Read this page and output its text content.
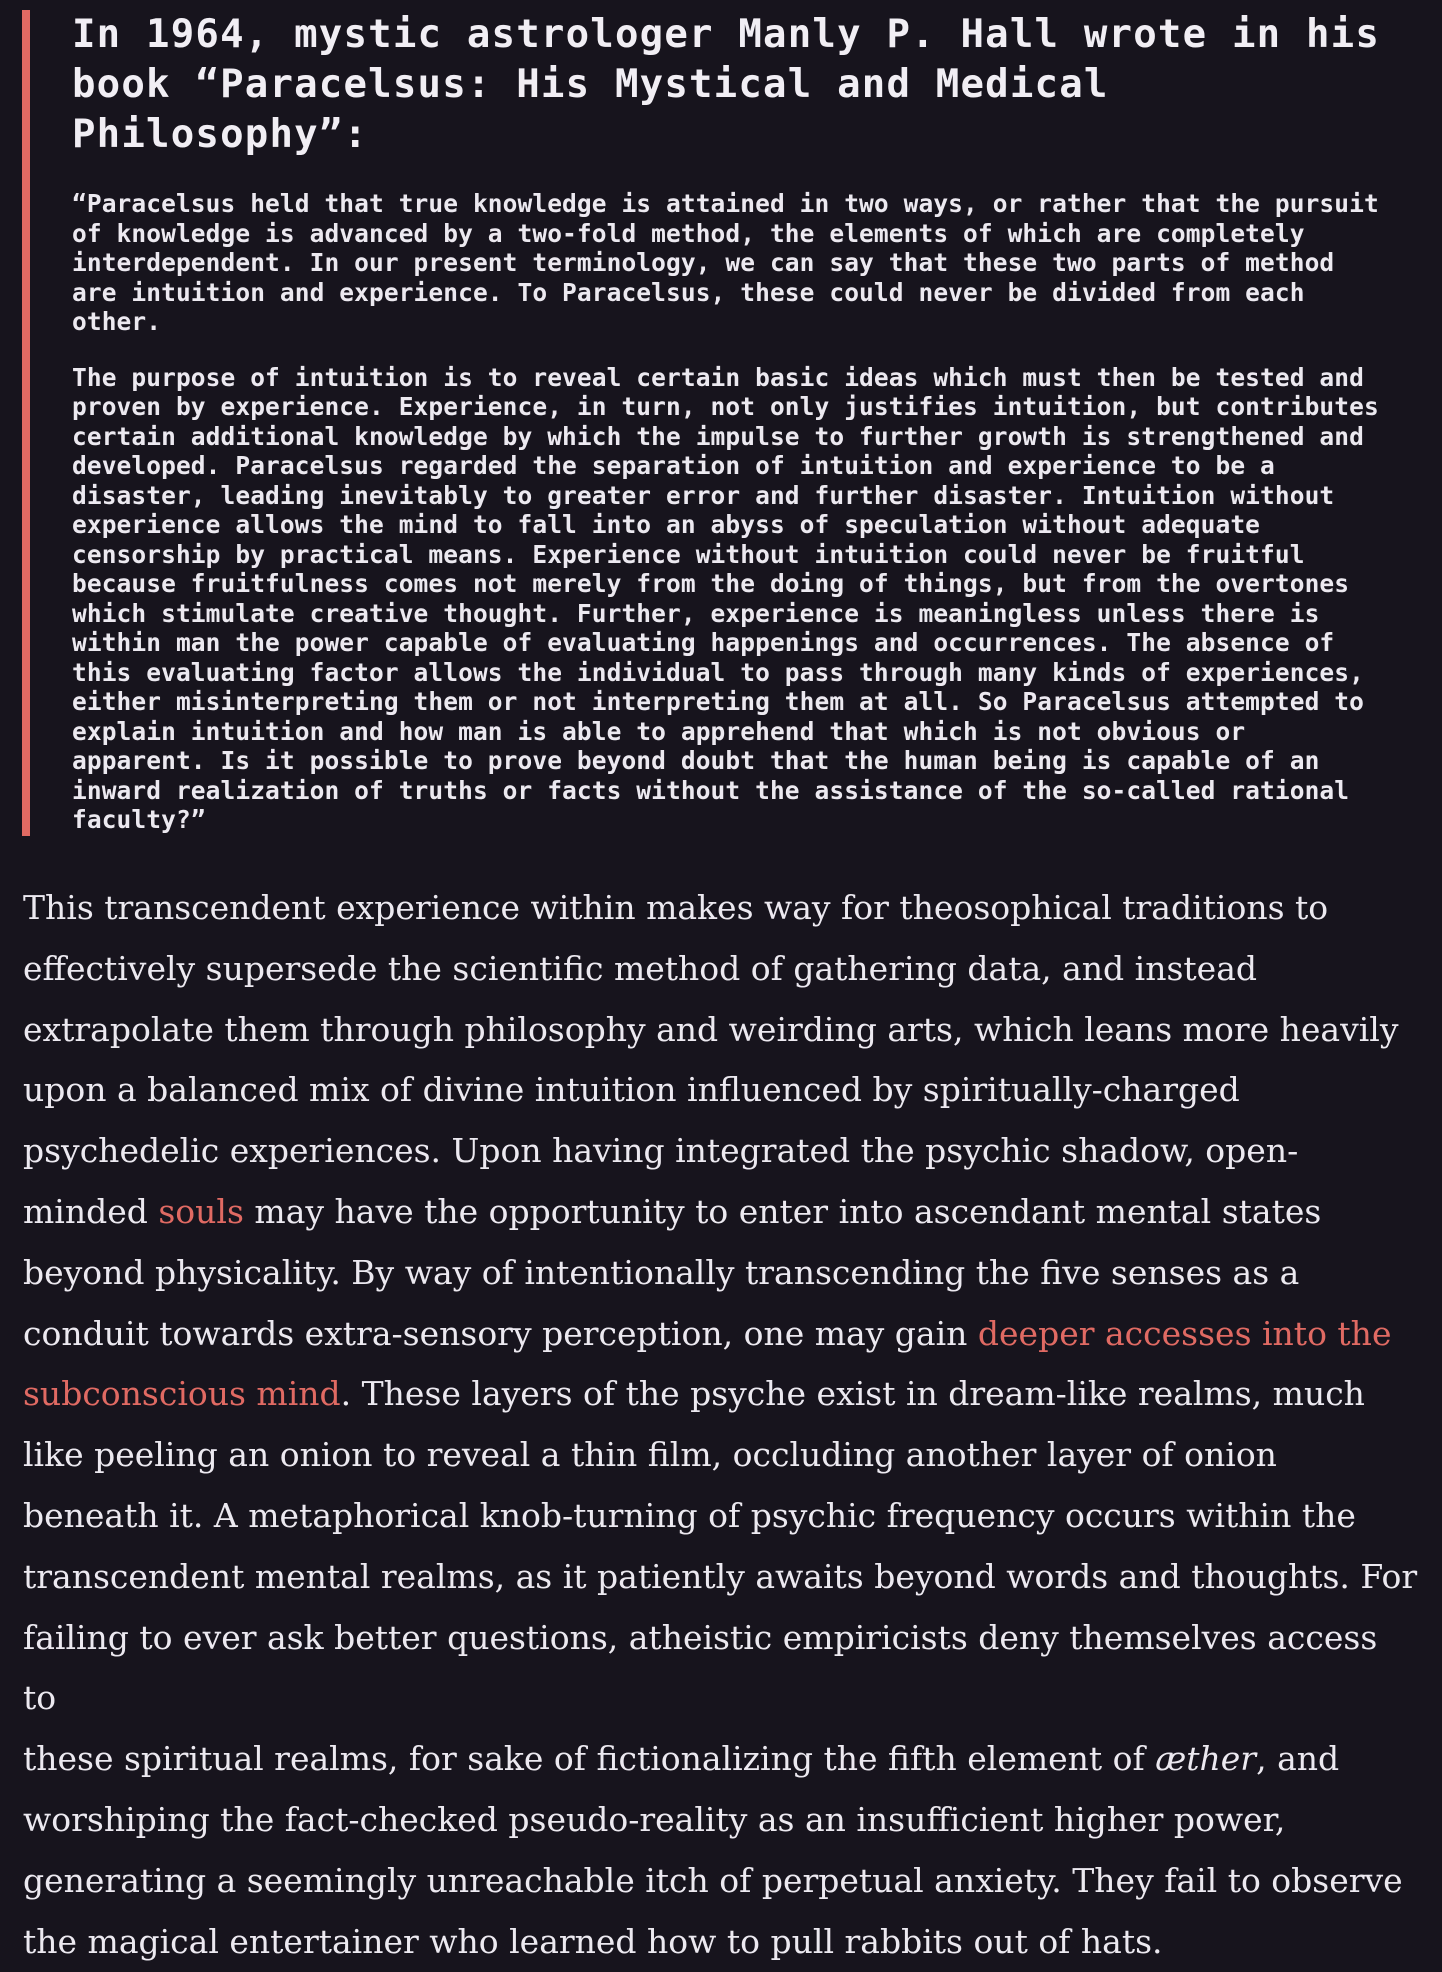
In 1964, mystic astrologer Manly P. Hall wrote in his book “Paracelsus: His Mystical and Medical Philosophy”:

“Paracelsus held that true knowledge is attained in two ways, or rather that the pursuit
of knowledge is advanced by a two-fold method, the elements of which are completely
interdependent. In our present terminology, we can say that these two parts of method
are intuition and experience. To Paracelsus, these could never be divided from each
other.

The purpose of intuition is to reveal certain basic ideas which must then be tested and
proven by experience. Experience, in turn, not only justifies intuition, but contributes
certain additional knowledge by which the impulse to further growth is strengthened and
developed. Paracelsus regarded the separation of intuition and experience to be a
disaster, leading inevitably to greater error and further disaster. Intuition without
experience allows the mind to fall into an abyss of speculation without adequate
censorship by practical means. Experience without intuition could never be fruitful
because fruitfulness comes not merely from the doing of things, but from the overtones
which stimulate creative thought. Further, experience is meaningless unless there is
within man the power capable of evaluating happenings and occurrences. The absence of
this evaluating factor allows the individual to pass through many kinds of experiences,
either misinterpreting them or not interpreting them at all. So Paracelsus attempted to
explain intuition and how man is able to apprehend that which is not obvious or
apparent. Is it possible to prove beyond doubt that the human being is capable of an
inward realization of truths or facts without the assistance of the so-called rational
faculty?”

This transcendent experience within makes way for theosophical traditions to
effectively supersede the scientific method of gathering data, and instead
extrapolate them through philosophy and weirding arts, which leans more heavily
upon a balanced mix of divine intuition influenced by spiritually-charged
psychedelic experiences. Upon having integrated the psychic shadow, open-
minded souls may have the opportunity to enter into ascendant mental states
beyond physicality. By way of intentionally transcending the five senses as a
conduit towards extra-sensory perception, one may gain deeper accesses into the
subconscious mind. These layers of the psyche exist in dream-like realms, much
like peeling an onion to reveal a thin film, occluding another layer of onion
beneath it. A metaphorical knob-turning of psychic frequency occurs within the
transcendent mental realms, as it patiently awaits beyond words and thoughts. For
failing to ever ask better questions, atheistic empiricists deny themselves access to
these spiritual realms, for sake of fictionalizing the fifth element of æther, and
worshiping the fact-checked pseudo-reality as an insufficient higher power,
generating a seemingly unreachable itch of perpetual anxiety. They fail to observe
the magical entertainer who learned how to pull rabbits out of hats.
